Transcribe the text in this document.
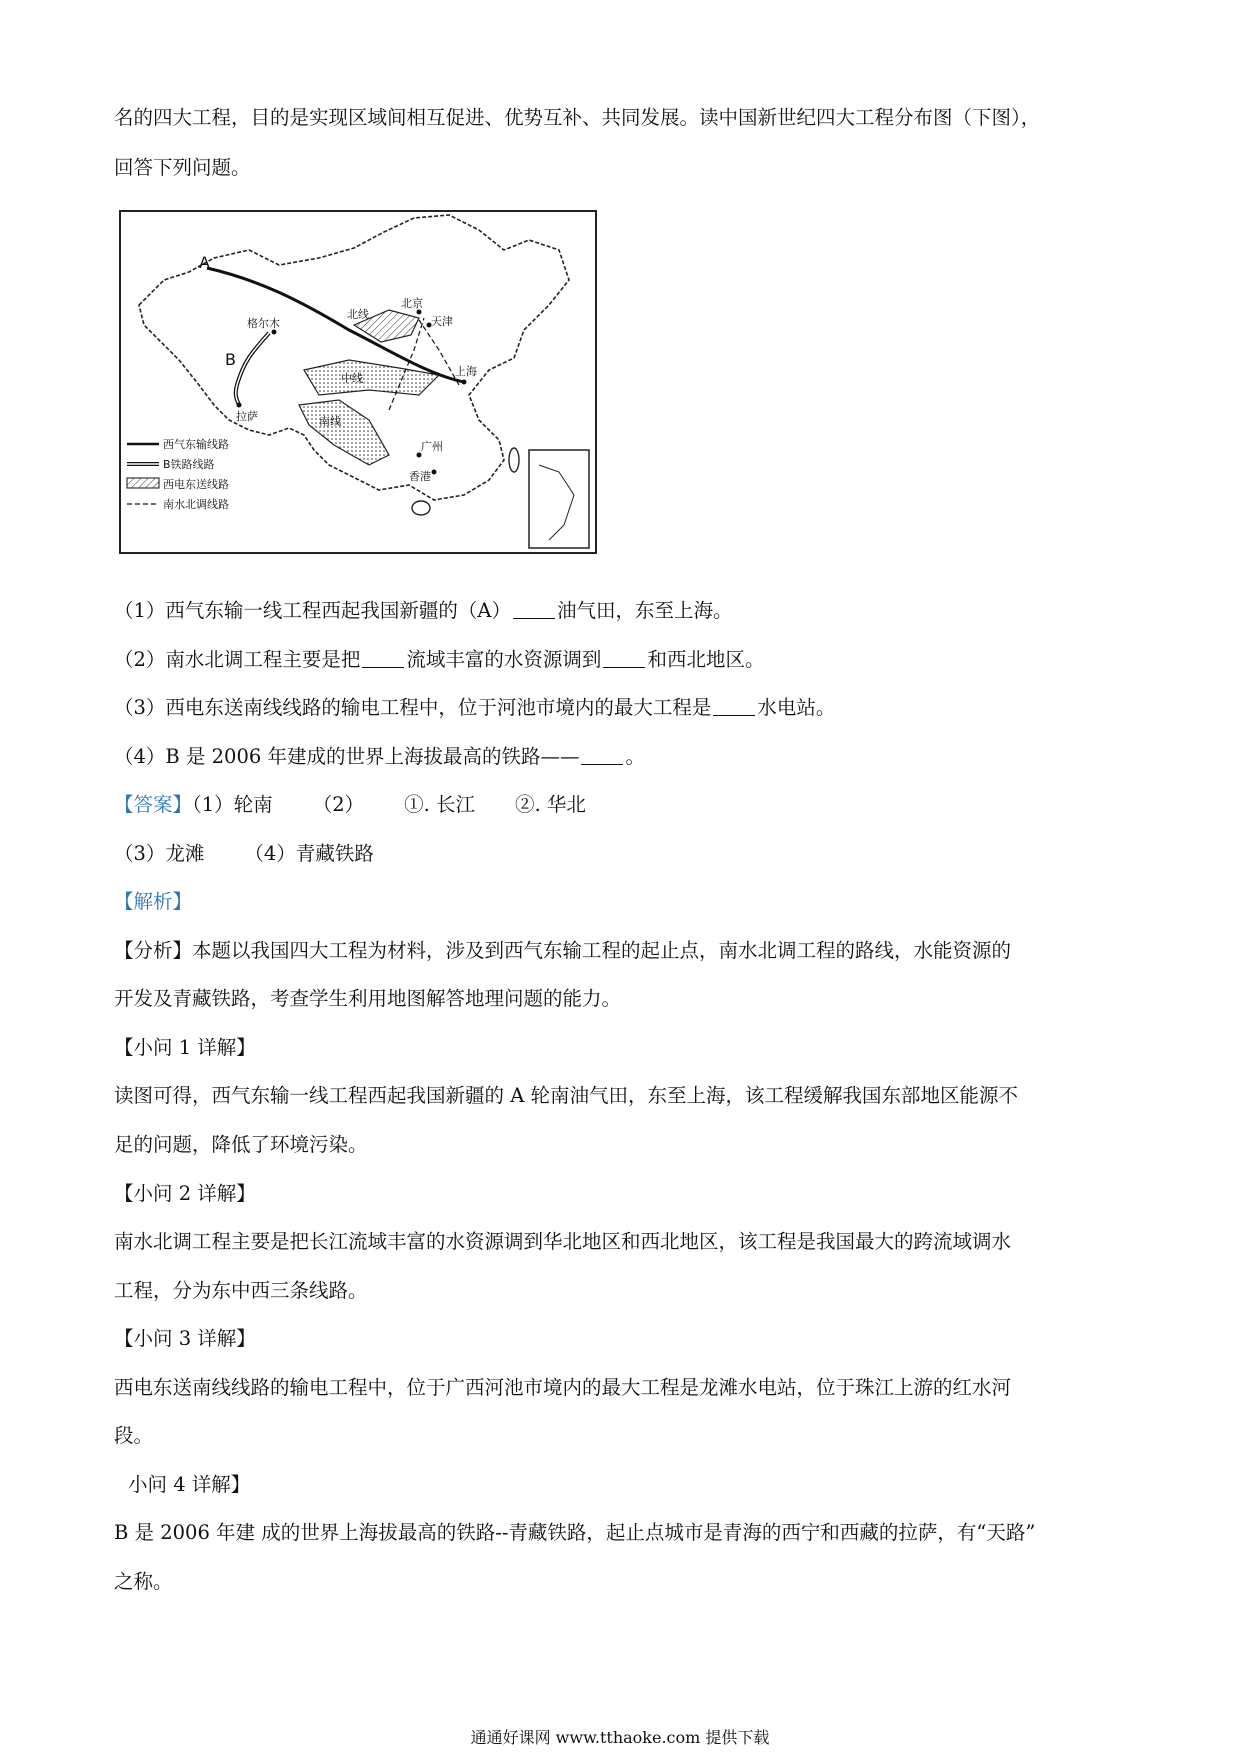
名的四大工程，目的是实现区域间相互促进、优势互补、共同发展。读中国新世纪四大工程分布图（下图），
回答下列问题。
A
B
格尔木
拉萨
北京
天津
北线
中线
南线
上海
广州
香港
西气东输线路
B铁路线路
西电东送线路
南水北调线路
（1）西气东输一线工程西起我国新疆的（A） 油气田，东至上海。
（2）南水北调工程主要是把 流域丰富的水资源调到 和西北地区。
（3）西电东送南线线路的输电工程中，位于河池市境内的最大工程是 水电站。
（4）B 是 2006 年建成的世界上海拔最高的铁路—— 。
【答案】（1）轮南 （2） ①. 长江 ②. 华北
（3）龙滩 （4）青藏铁路
【解析】
【分析】本题以我国四大工程为材料，涉及到西气东输工程的起止点，南水北调工程的路线，水能资源的
开发及青藏铁路，考查学生利用地图解答地理问题的能力。
【小问 1 详解】
读图可得，西气东输一线工程西起我国新疆的 A 轮南油气田，东至上海，该工程缓解我国东部地区能源不
足的问题，降低了环境污染。
【小问 2 详解】
南水北调工程主要是把长江流域丰富的水资源调到华北地区和西北地区，该工程是我国最大的跨流域调水
工程，分为东中西三条线路。
【小问 3 详解】
西电东送南线线路的输电工程中，位于广西河池市境内的最大工程是龙滩水电站，位于珠江上游的红水河
段。
小问 4 详解】
B 是 2006 年建 成的世界上海拔最高的铁路--青藏铁路，起止点城市是青海的西宁和西藏的拉萨，有“天路”
之称。
通通好课网 www.tthaoke.com 提供下载
